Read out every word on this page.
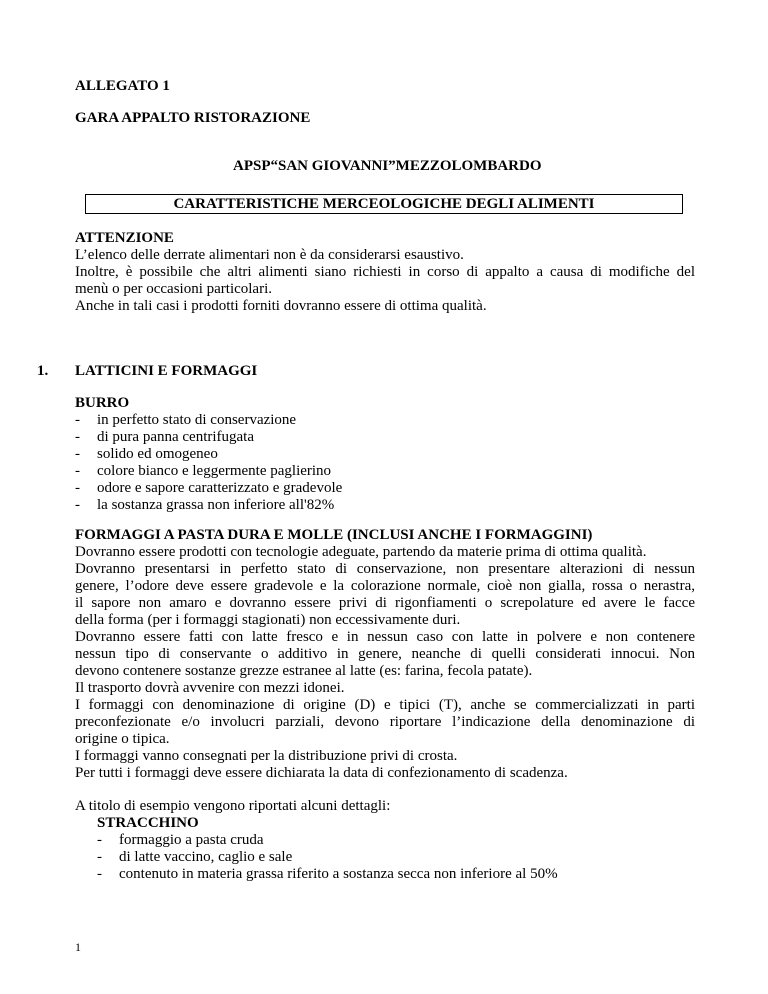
ALLEGATO 1
GARA APPALTO RISTORAZIONE
APSP“SAN GIOVANNI”MEZZOLOMBARDO
CARATTERISTICHE MERCEOLOGICHE DEGLI ALIMENTI
ATTENZIONE
L’elenco delle derrate alimentari non è da considerarsi esaustivo.
Inoltre, è possibile che altri alimenti siano richiesti in corso di appalto a causa di modifiche del
menù o per occasioni particolari.
Anche in tali casi i prodotti forniti dovranno essere di ottima qualità.
1. LATTICINI E FORMAGGI
BURRO
- in perfetto stato di conservazione
- di pura panna centrifugata
- solido ed omogeneo
- colore bianco e leggermente paglierino
- odore e sapore caratterizzato e gradevole
- la sostanza grassa non inferiore all'82%
FORMAGGI A PASTA DURA E MOLLE (INCLUSI ANCHE I FORMAGGINI)
Dovranno essere prodotti con tecnologie adeguate, partendo da materie prima di ottima qualità.
Dovranno presentarsi in perfetto stato di conservazione, non presentare alterazioni di nessun
genere, l’odore deve essere gradevole e la colorazione normale, cioè non gialla, rossa o nerastra,
il sapore non amaro e dovranno essere privi di rigonfiamenti o screpolature ed avere le facce
della forma (per i formaggi stagionati) non eccessivamente duri.
Dovranno essere fatti con latte fresco e in nessun caso con latte in polvere e non contenere
nessun tipo di conservante o additivo in genere, neanche di quelli considerati innocui. Non
devono contenere sostanze grezze estranee al latte (es: farina, fecola patate).
Il trasporto dovrà avvenire con mezzi idonei.
I formaggi con denominazione di origine (D) e tipici (T), anche se commercializzati in parti
preconfezionate e/o involucri parziali, devono riportare l’indicazione della denominazione di
origine o tipica.
I formaggi vanno consegnati per la distribuzione privi di crosta.
Per tutti i formaggi deve essere dichiarata la data di confezionamento di scadenza.
A titolo di esempio vengono riportati alcuni dettagli:
STRACCHINO
- formaggio a pasta cruda
- di latte vaccino, caglio e sale
- contenuto in materia grassa riferito a sostanza secca non inferiore al 50%
1
